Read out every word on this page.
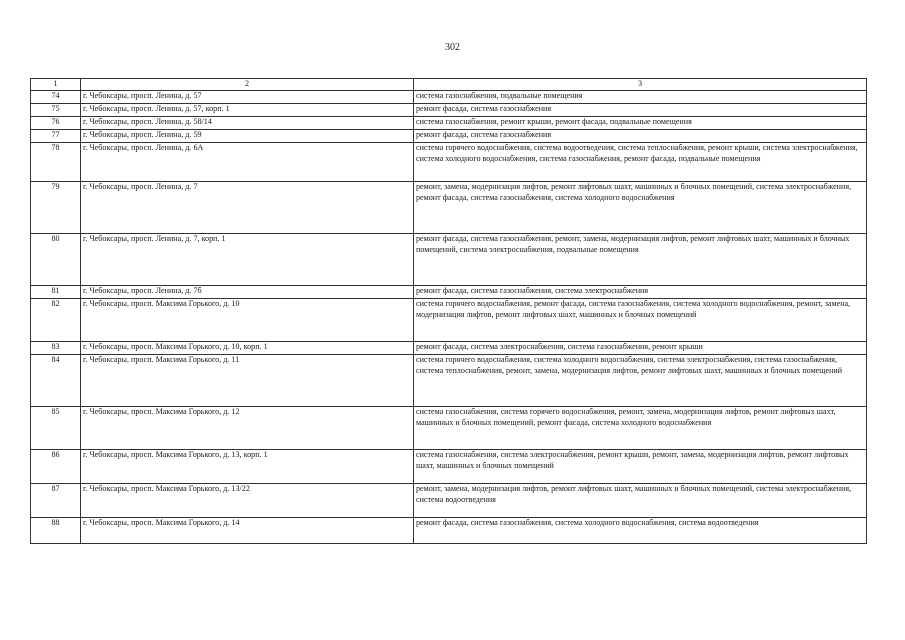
302
1	2	3
74	г. Чебоксары, просп. Ленина, д. 57	система газоснабжения, подвальные помещения
75	г. Чебоксары, просп. Ленина, д. 57, корп. 1	ремонт фасада, система газоснабжения
76	г. Чебоксары, просп. Ленина, д. 58/14	система газоснабжения, ремонт крыши, ремонт фасада, подвальные помещения
77	г. Чебоксары, просп. Ленина, д. 59	ремонт фасада, система газоснабжения
78	г. Чебоксары, просп. Ленина, д. 6А	система горячего водоснабжения, система водоотведения, система теплоснабжения, ремонт крыши, система электроснабжения, система холодного водоснабжения, система газоснабжения, ремонт фасада, подвальные помещения
79	г. Чебоксары, просп. Ленина, д. 7	ремонт, замена, модернизация лифтов, ремонт лифтовых шахт, машинных и блочных помещений, система электроснабжения, ремонт фасада, система газоснабжения, система холодного водоснабжения
80	г. Чебоксары, просп. Ленина, д. 7, корп. 1	ремонт фасада, система газоснабжения, ремонт, замена, модернизация лифтов, ремонт лифтовых шахт, машинных и блочных помещений, система электроснабжения, подвальные помещения
81	г. Чебоксары, просп. Ленина, д. 7б	ремонт фасада, система газоснабжения, система электроснабжения
82	г. Чебоксары, просп. Максима Горького, д. 10	система горячего водоснабжения, ремонт фасада, система газоснабжения, система холодного водоснабжения, ремонт, замена, модернизация лифтов, ремонт лифтовых шахт, машинных и блочных помещений
83	г. Чебоксары, просп. Максима Горького, д. 10, корп. 1	ремонт фасада, система электроснабжения, система газоснабжения, ремонт крыши
84	г. Чебоксары, просп. Максима Горького, д. 11	система горячего водоснабжения, система холодного водоснабжения, система электроснабжения, система газоснабжения, система теплоснабжения, ремонт, замена, модернизация лифтов, ремонт лифтовых шахт, машинных и блочных помещений
85	г. Чебоксары, просп. Максима Горького, д. 12	система газоснабжения, система горячего водоснабжения, ремонт, замена, модернизация лифтов, ремонт лифтовых шахт, машинных и блочных помещений, ремонт фасада, система холодного водоснабжения
86	г. Чебоксары, просп. Максима Горького, д. 13, корп. 1	система газоснабжения, система электроснабжения, ремонт крыши, ремонт, замена, модернизация лифтов, ремонт лифтовых шахт, машинных и блочных помещений
87	г. Чебоксары, просп. Максима Горького, д. 13/22	ремонт, замена, модернизация лифтов, ремонт лифтовых шахт, машинных и блочных помещений, система электроснабжения, система водоотведения
88	г. Чебоксары, просп. Максима Горького, д. 14	ремонт фасада, система газоснабжения, система холодного водоснабжения, система водоотведения
